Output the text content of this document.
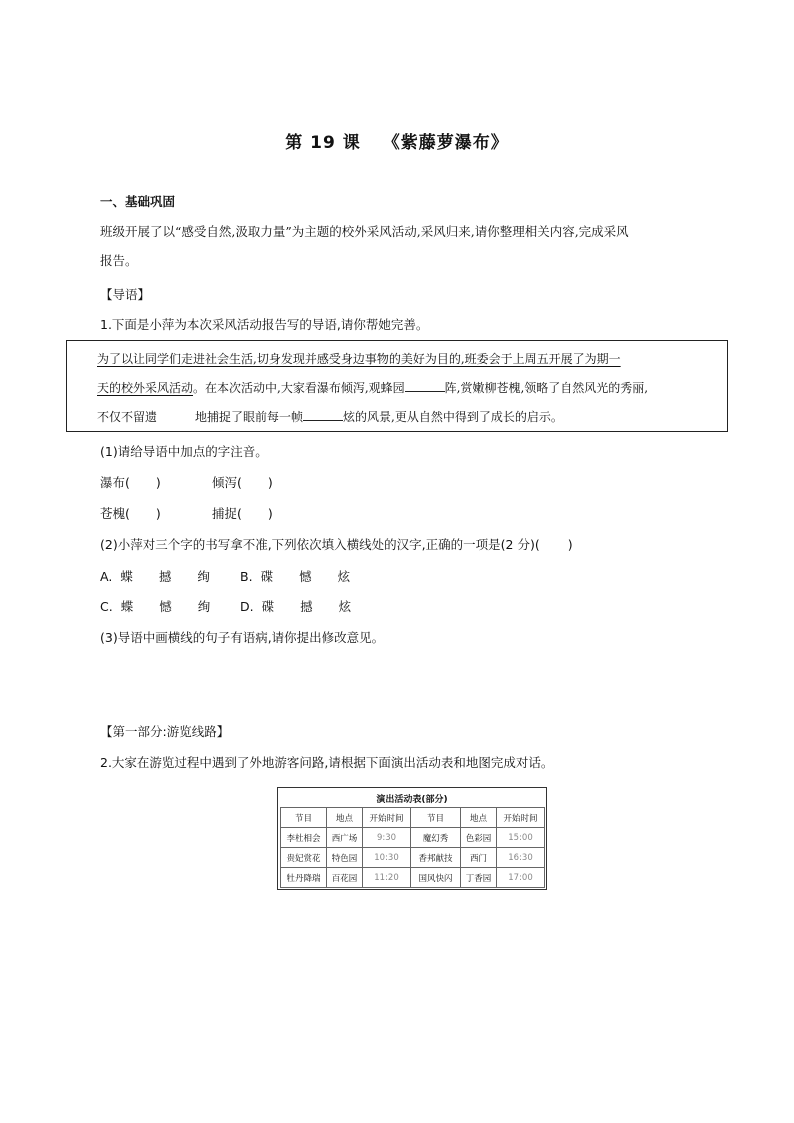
第 19 课 《紫藤萝瀑布》
一、基础巩固
班级开展了以“感受自然,汲取力量”为主题的校外采风活动,采风归来,请你整理相关内容,完成采风
报告。
【导语】
1.下面是小萍为本次采风活动报告写的导语,请你帮她完善。
为了以让同学们走进社会生活,切身发现并感受身边事物的美好为目的,班委会于上周五开展了为期一
天的校外采风活动。在本次活动中,大家看瀑布倾泻,观蜂园	阵,赏嫩柳苍槐,领略了自然风光的秀丽,
不仅不留遗	地捕捉了眼前每一帧	炫的风景,更从自然中得到了成长的启示。
(1)请给导语中加点的字注音。
瀑布( )	倾泻( )
苍槐( )	捕捉( )
(2)小萍对三个字的书写拿不准,下列依次填入横线处的汉字,正确的一项是(2 分)( )
A. 蝶 撼 绚 B. 碟 憾 炫
C. 蝶 憾 绚 D. 碟 撼 炫
(3)导语中画横线的句子有语病,请你提出修改意见。
【第一部分:游览线路】
2.大家在游览过程中遇到了外地游客问路,请根据下面演出活动表和地图完成对话。
演出活动表(部分)
节目	地点	开始时间	节目	地点	开始时间
李杜相会	西广场	9:30	魔幻秀	色彩园	15:00
贵妃赏花	特色园	10:30	香邦献技	西门	16:30
牡丹降瑞	百花园	11:20	国风快闪	丁香园	17:00
